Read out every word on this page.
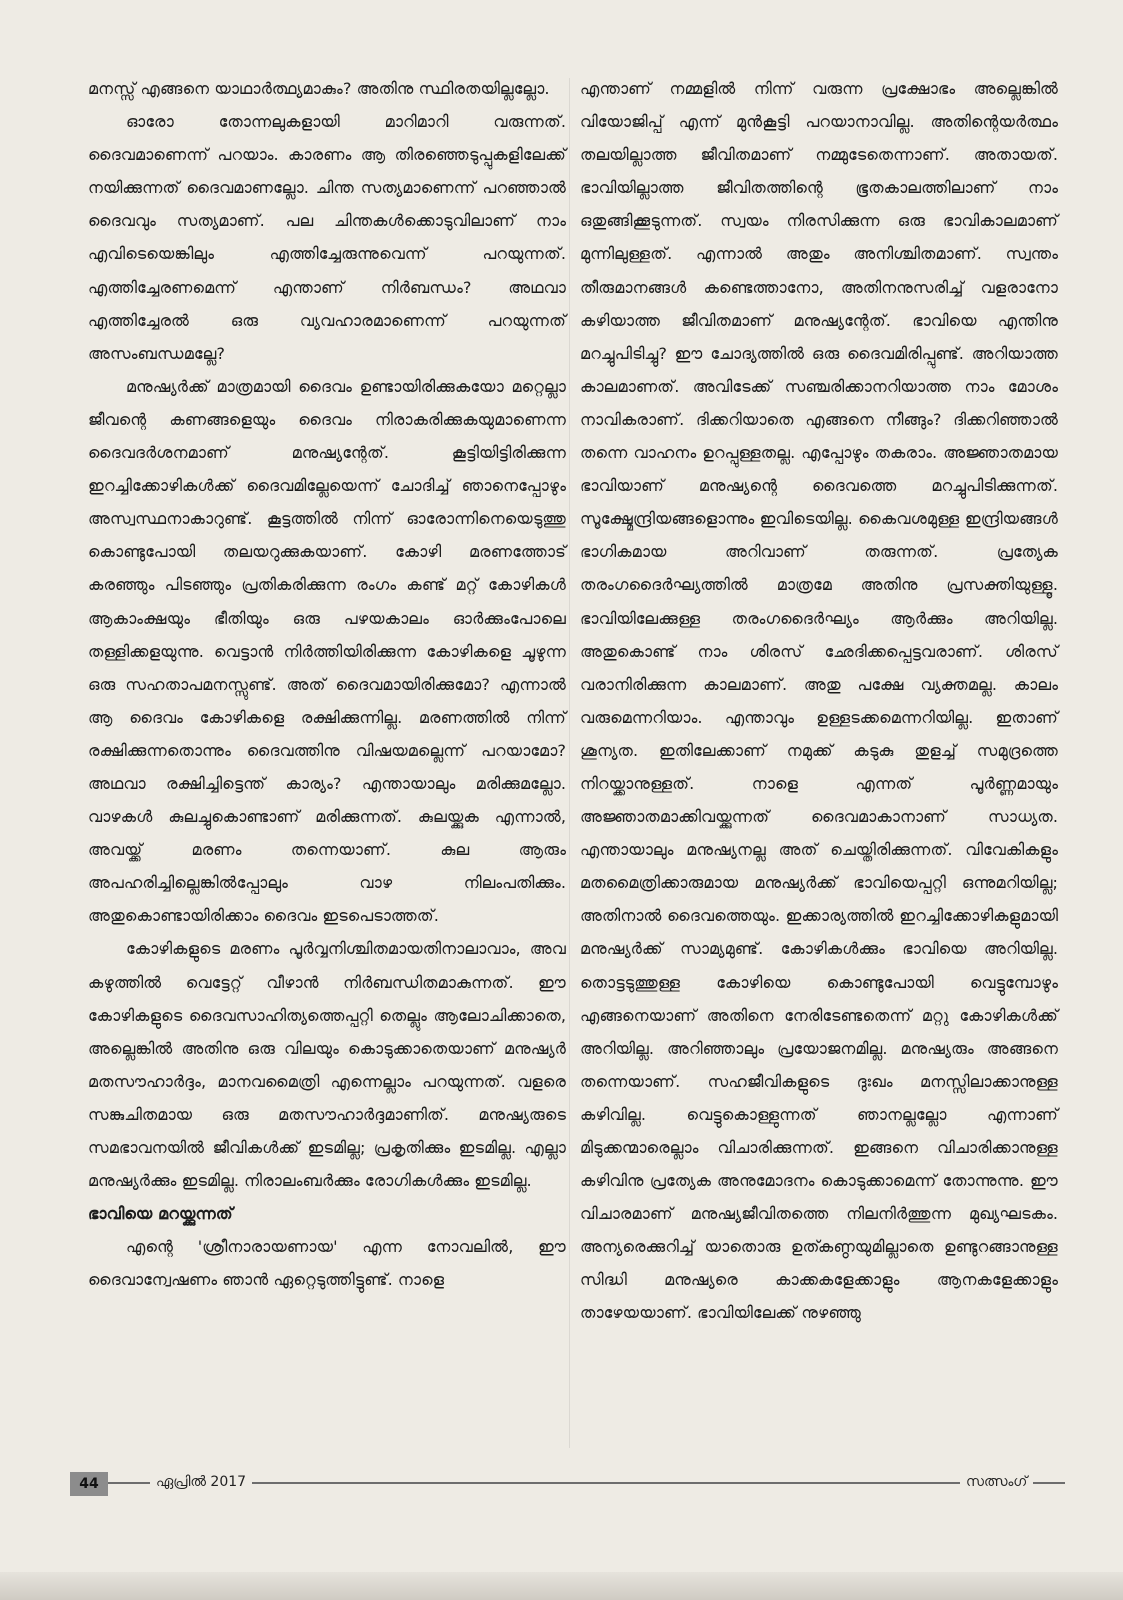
മനസ്സ് എങ്ങനെ യാഥാർത്ഥ്യമാകും? അതിനു സ്ഥിരതയില്ലല്ലോ.

ഓരോ തോന്നലുകളായി മാറിമാറി വരുന്നത്. ദൈവമാണെന്ന് പറയാം. കാരണം ആ തിരഞ്ഞെടുപ്പുകളിലേക്ക് നയിക്കുന്നത് ദൈവമാണല്ലോ. ചിന്ത സത്യമാണെന്ന് പറഞ്ഞാൽ ദൈവവും സത്യമാണ്. പല ചിന്തകൾക്കൊടുവിലാണ് നാം എവിടെയെങ്കിലും എത്തിച്ചേരുന്നുവെന്ന് പറയുന്നത്. എത്തിച്ചേരണമെന്ന് എന്താണ് നിർബന്ധം? അഥവാ എത്തിച്ചേരൽ ഒരു വ്യവഹാരമാണെന്ന് പറയുന്നത് അസംബന്ധമല്ലേ?

മനുഷ്യർക്ക് മാത്രമായി ദൈവം ഉണ്ടായിരിക്കുകയോ മറ്റെല്ലാ ജീവന്റെ കണങ്ങളെയും ദൈവം നിരാകരിക്കുകയുമാണെന്ന ദൈവദർശനമാണ് മനുഷ്യന്റേത്. കൂട്ടിയിട്ടിരിക്കുന്ന ഇറച്ചിക്കോഴികൾക്ക് ദൈവമില്ലേയെന്ന് ചോദിച്ച് ഞാനെപ്പോഴും അസ്വസ്ഥനാകാറുണ്ട്. കൂട്ടത്തിൽ നിന്ന് ഓരോന്നിനെയെടുത്തു കൊണ്ടുപോയി തലയറുക്കുകയാണ്. കോഴി മരണത്തോട് കരഞ്ഞും പിടഞ്ഞും പ്രതികരിക്കുന്ന രംഗം കണ്ട് മറ്റ് കോഴികൾ ആകാംക്ഷയും ഭീതിയും ഒരു പഴയകാലം ഓർക്കുംപോലെ തള്ളിക്കളയുന്നു. വെട്ടാൻ നിർത്തിയിരിക്കുന്ന കോഴികളെ ചൂഴുന്ന ഒരു സഹതാപമനസ്സുണ്ട്. അത് ദൈവമായിരിക്കുമോ? എന്നാൽ ആ ദൈവം കോഴികളെ രക്ഷിക്കുന്നില്ല. മരണത്തിൽ നിന്ന് രക്ഷിക്കുന്നതൊന്നും ദൈവത്തിനു വിഷയമല്ലെന്ന് പറയാമോ? അഥവാ രക്ഷിച്ചിട്ടെന്ത് കാര്യം? എന്തായാലും മരിക്കുമല്ലോ. വാഴകൾ കുലച്ചുകൊണ്ടാണ് മരിക്കുന്നത്. കുലയ്ക്കുക എന്നാൽ, അവയ്ക്ക് മരണം തന്നെയാണ്. കുല ആരും അപഹരിച്ചില്ലെങ്കിൽപ്പോലും വാഴ നിലംപതിക്കും. അതുകൊണ്ടായിരിക്കാം ദൈവം ഇടപെടാത്തത്.

കോഴികളുടെ മരണം പൂർവ്വനിശ്ചിതമായതിനാലാവാം, അവ കഴുത്തിൽ വെട്ടേറ്റ് വീഴാൻ നിർബന്ധിതമാകുന്നത്. ഈ കോഴികളുടെ ദൈവസാഹിത്യത്തെപ്പറ്റി തെല്ലും ആലോചിക്കാതെ, അല്ലെങ്കിൽ അതിനു ഒരു വിലയും കൊടുക്കാതെയാണ് മനുഷ്യർ മതസൗഹാർദ്ദം, മാനവമൈത്രി എന്നെല്ലാം പറയുന്നത്. വളരെ സങ്കുചിതമായ ഒരു മതസൗഹാർദ്ദമാണിത്. മനുഷ്യരുടെ സമഭാവനയിൽ ജീവികൾക്ക് ഇടമില്ല; പ്രകൃതിക്കും ഇടമില്ല. എല്ലാ മനുഷ്യർക്കും ഇടമില്ല. നിരാലംബർക്കും രോഗികൾക്കും ഇടമില്ല.

ഭാവിയെ മറയ്ക്കുന്നത്

എന്റെ 'ശ്രീനാരായണായ' എന്ന നോവലിൽ, ഈ ദൈവാന്വേഷണം ഞാൻ ഏറ്റെടുത്തിട്ടുണ്ട്. നാളെ

എന്താണ് നമ്മളിൽ നിന്ന് വരുന്ന പ്രക്ഷോഭം അല്ലെങ്കിൽ വിയോജിപ്പ് എന്ന് മുൻകൂട്ടി പറയാനാവില്ല. അതിന്റെയർത്ഥം തലയില്ലാത്ത ജീവിതമാണ് നമ്മുടേതെന്നാണ്. അതായത്. ഭാവിയില്ലാത്ത ജീവിതത്തിന്റെ ഭൂതകാലത്തിലാണ് നാം ഒതുങ്ങിക്കൂടുന്നത്. സ്വയം നിരസിക്കുന്ന ഒരു ഭാവികാലമാണ് മുന്നിലുള്ളത്. എന്നാൽ അതും അനിശ്ചിതമാണ്. സ്വന്തം തീരുമാനങ്ങൾ കണ്ടെത്താനോ, അതിനനുസരിച്ച് വളരാനോ കഴിയാത്ത ജീവിതമാണ് മനുഷ്യന്റേത്. ഭാവിയെ എന്തിനു മറച്ചുപിടിച്ചു? ഈ ചോദ്യത്തിൽ ഒരു ദൈവമിരിപ്പുണ്ട്. അറിയാത്ത കാലമാണത്. അവിടേക്ക് സഞ്ചരിക്കാനറിയാത്ത നാം മോശം നാവികരാണ്. ദിക്കറിയാതെ എങ്ങനെ നീങ്ങും? ദിക്കറിഞ്ഞാൽ തന്നെ വാഹനം ഉറപ്പുള്ളതല്ല. എപ്പോഴും തകരാം. അജ്ഞാതമായ ഭാവിയാണ് മനുഷ്യന്റെ ദൈവത്തെ മറച്ചുപിടിക്കുന്നത്. സൂക്ഷ്മേന്ദ്രിയങ്ങളൊന്നും ഇവിടെയില്ല. കൈവശമുള്ള ഇന്ദ്രിയങ്ങൾ ഭാഗികമായ അറിവാണ് തരുന്നത്. പ്രത്യേക തരംഗദൈർഘ്യത്തിൽ മാത്രമേ അതിനു പ്രസക്തിയുള്ളൂ. ഭാവിയിലേക്കുള്ള തരംഗദൈർഘ്യം ആർക്കും അറിയില്ല. അതുകൊണ്ട് നാം ശിരസ് ഛേദിക്കപ്പെട്ടവരാണ്. ശിരസ് വരാനിരിക്കുന്ന കാലമാണ്. അതു പക്ഷേ വ്യക്തമല്ല. കാലം വരുമെന്നറിയാം. എന്താവും ഉള്ളടക്കമെന്നറിയില്ല. ഇതാണ് ശൂന്യത. ഇതിലേക്കാണ് നമുക്ക് കടുകു തുളച്ച് സമുദ്രത്തെ നിറയ്ക്കാനുള്ളത്. നാളെ എന്നത് പൂർണ്ണമായും അജ്ഞാതമാക്കിവയ്ക്കുന്നത് ദൈവമാകാനാണ് സാധ്യത. എന്തായാലും മനുഷ്യനല്ല അത് ചെയ്തിരിക്കുന്നത്. വിവേകികളും മതമൈത്രിക്കാരുമായ മനുഷ്യർക്ക് ഭാവിയെപ്പറ്റി ഒന്നുമറിയില്ല; അതിനാൽ ദൈവത്തെയും. ഇക്കാര്യത്തിൽ ഇറച്ചിക്കോഴികളുമായി മനുഷ്യർക്ക് സാമ്യമുണ്ട്. കോഴികൾക്കും ഭാവിയെ അറിയില്ല. തൊട്ടടുത്തുള്ള കോഴിയെ കൊണ്ടുപോയി വെട്ടുമ്പോഴും എങ്ങനെയാണ് അതിനെ നേരിടേണ്ടതെന്ന് മറ്റു കോഴികൾക്ക് അറിയില്ല. അറിഞ്ഞാലും പ്രയോജനമില്ല. മനുഷ്യരും അങ്ങനെ തന്നെയാണ്. സഹജീവികളുടെ ദുഃഖം മനസ്സിലാക്കാനുള്ള കഴിവില്ല. വെട്ടുകൊള്ളുന്നത് ഞാനല്ലല്ലോ എന്നാണ് മിടുക്കന്മാരെല്ലാം വിചാരിക്കുന്നത്. ഇങ്ങനെ വിചാരിക്കാനുള്ള കഴിവിനു പ്രത്യേക അനുമോദനം കൊടുക്കാമെന്ന് തോന്നുന്നു. ഈ വിചാരമാണ് മനുഷ്യജീവിതത്തെ നിലനിർത്തുന്ന മുഖ്യഘടകം. അന്യരെക്കുറിച്ച് യാതൊരു ഉത്കണ്ഠയുമില്ലാതെ ഉണ്ടുറങ്ങാനുള്ള സിദ്ധി മനുഷ്യരെ കാക്കകളേക്കാളും ആനകളേക്കാളും താഴേയയാണ്. ഭാവിയിലേക്ക് നുഴഞ്ഞു

44	ഏപ്രിൽ 2017	സത്സംഗ്
